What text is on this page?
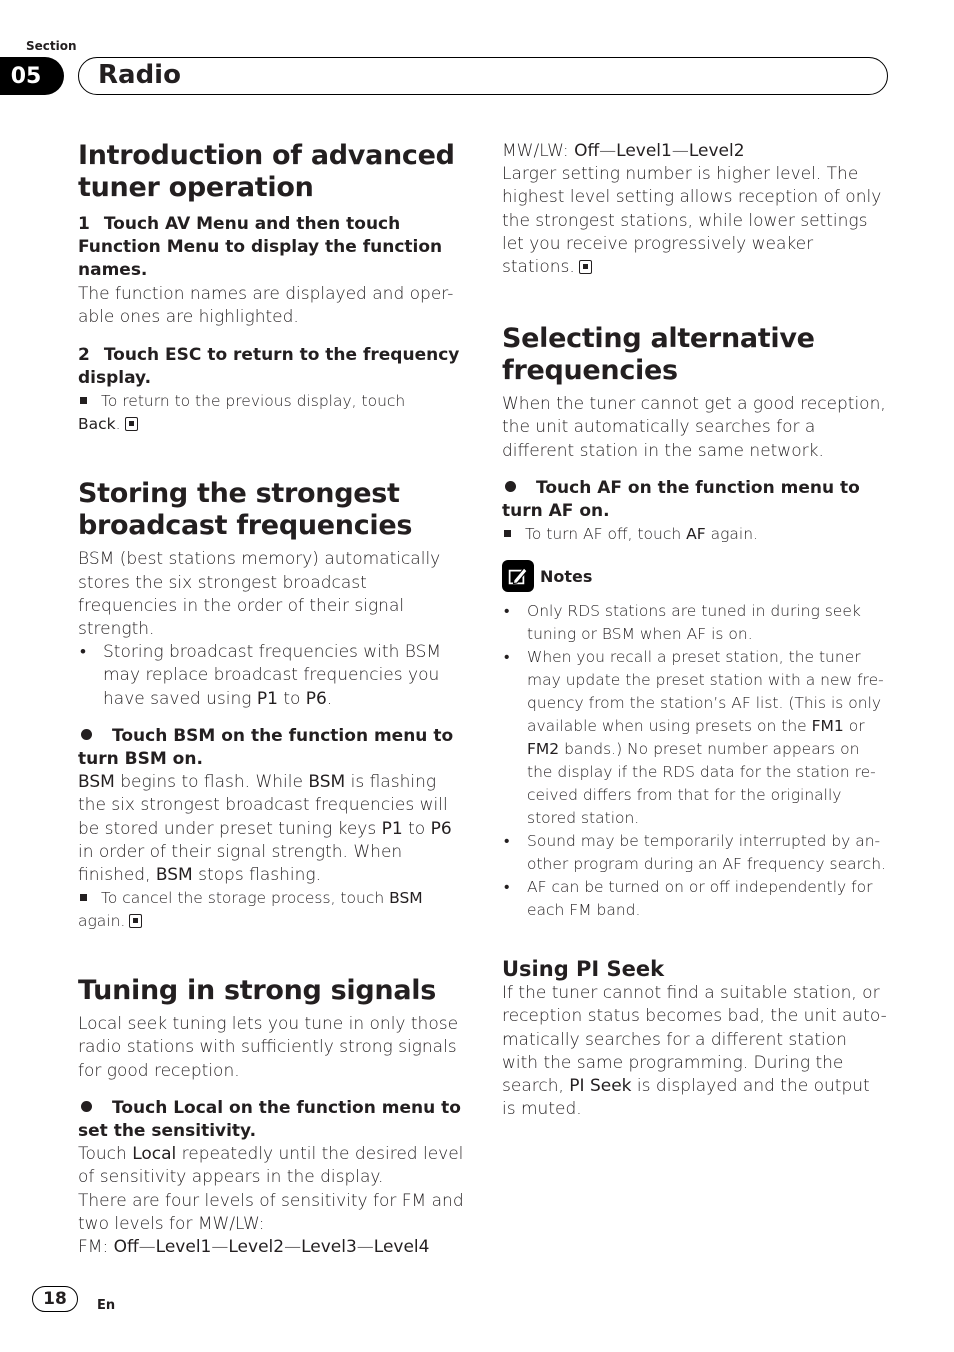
Section
05	Radio
Introduction of advanced tuner operation

1 Touch AV Menu and then touch Function Menu to display the function names.

The function names are displayed and oper-able ones are highlighted.

2 Touch ESC to return to the frequency display.

To return to the previous display, touch
Back.

Storing the strongest broadcast frequencies

BSM (best stations memory) automatically stores the six strongest broadcast frequencies in the order of their signal strength.

• Storing broadcast frequencies with BSM may replace broadcast frequencies you have saved using P1 to P6.

Touch BSM on the function menu to turn BSM on.

BSM begins to flash. While BSM is flashing the six strongest broadcast frequencies will be stored under preset tuning keys P1 to P6 in order of their signal strength. When finished, BSM stops flashing.

To cancel the storage process, touch BSM
again.

Tuning in strong signals

Local seek tuning lets you tune in only those radio stations with sufficiently strong signals for good reception.

Touch Local on the function menu to set the sensitivity.

Touch Local repeatedly until the desired level of sensitivity appears in the display.

There are four levels of sensitivity for FM and two levels for MW/LW:

FM: Off—Level1—Level2—Level3—Level4

MW/LW: Off—Level1—Level2

Larger setting number is higher level. The highest level setting allows reception of only the strongest stations, while lower settings let you receive progressively weaker stations.

Selecting alternative frequencies

When the tuner cannot get a good reception, the unit automatically searches for a different station in the same network.

Touch AF on the function menu to turn AF on.

To turn AF off, touch AF again.

Notes
• Only RDS stations are tuned in during seek tuning or BSM when AF is on.
• When you recall a preset station, the tuner may update the preset station with a new fre-quency from the station’s AF list. (This is only available when using presets on the FM1 or FM2 bands.) No preset number appears on the display if the RDS data for the station re-ceived differs from that for the originally stored station.
• Sound may be temporarily interrupted by an-other program during an AF frequency search.
• AF can be turned on or off independently for each FM band.
Using PI Seek

If the tuner cannot find a suitable station, or reception status becomes bad, the unit auto-matically searches for a different station with the same programming. During the search, PI Seek is displayed and the output is muted.

18	En
